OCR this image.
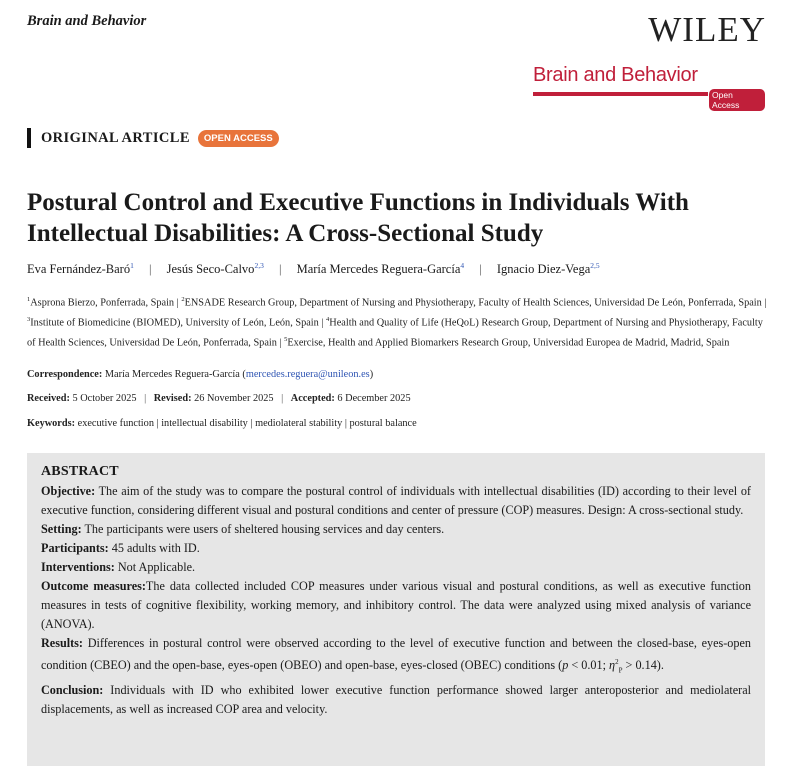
Brain and Behavior	WILEY
Brain and Behavior
Open Access
ORIGINAL ARTICLE	OPEN ACCESS
Postural Control and Executive Functions in Individuals With Intellectual Disabilities: A Cross-Sectional Study
Eva Fernández-Baró$^1$ | Jesús Seco-Calvo$^{2,3}$ | María Mercedes Reguera-García$^4$ | Ignacio Diez-Vega$^{2,5}$
$^1$Asprona Bierzo, Ponferrada, Spain | $^2$ENSADE Research Group, Department of Nursing and Physiotherapy, Faculty of Health Sciences, Universidad De León, Ponferrada, Spain | $^3$Institute of Biomedicine (BIOMED), University of León, León, Spain | $^4$Health and Quality of Life (HeQoL) Research Group, Department of Nursing and Physiotherapy, Faculty of Health Sciences, Universidad De León, Ponferrada, Spain | $^5$Exercise, Health and Applied Biomarkers Research Group, Universidad Europea de Madrid, Madrid, Spain
Correspondence: María Mercedes Reguera-García (mercedes.reguera@unileon.es)
Received: 5 October 2025 | Revised: 26 November 2025 | Accepted: 6 December 2025
Keywords: executive function | intellectual disability | mediolateral stability | postural balance
ABSTRACT

Objective: The aim of the study was to compare the postural control of individuals with intellectual disabilities (ID) according to their level of executive function, considering different visual and postural conditions and center of pressure (COP) measures. Design: A cross-sectional study.

Setting: The participants were users of sheltered housing services and day centers.

Participants: 45 adults with ID.

Interventions: Not Applicable.

Outcome measures:The data collected included COP measures under various visual and postural conditions, as well as executive function measures in tests of cognitive flexibility, working memory, and inhibitory control. The data were analyzed using mixed analysis of variance (ANOVA).

Results: Differences in postural control were observed according to the level of executive function and between the closed-base, eyes-open condition (CBEO) and the open-base, eyes-open (OBEO) and open-base, eyes-closed (OBEC) conditions (p < 0.01; $\eta^2_P > 0.14$).

Conclusion: Individuals with ID who exhibited lower executive function performance showed larger anteroposterior and mediolateral displacements, as well as increased COP area and velocity.
